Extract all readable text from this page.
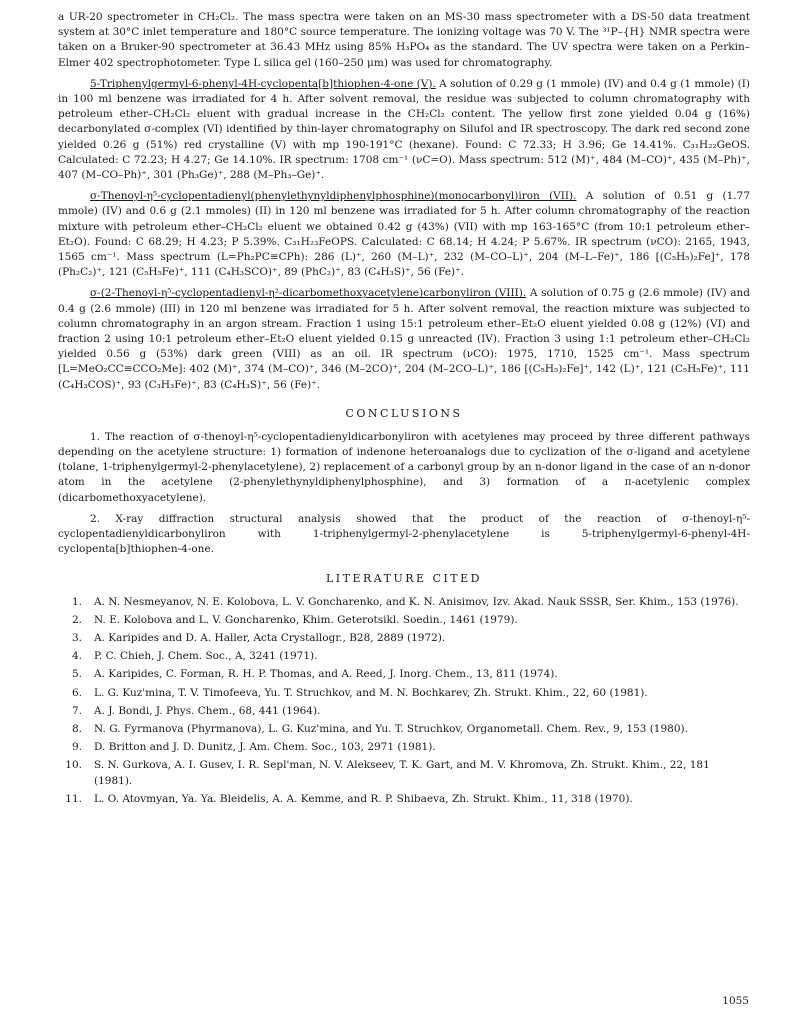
a UR-20 spectrometer in CH₂Cl₂. The mass spectra were taken on an MS-30 mass spectrometer with a DS-50 data treatment system at 30°C inlet temperature and 180°C source temperature. The ionizing voltage was 70 V. The ³¹P–{H} NMR spectra were taken on a Bruker-90 spectrometer at 36.43 MHz using 85% H₃PO₄ as the standard. The UV spectra were taken on a Perkin–Elmer 402 spectrophotometer. Type L silica gel (160–250 μm) was used for chromatography.

5-Triphenylgermyl-6-phenyl-4H-cyclopenta[b]thiophen-4-one (V). A solution of 0.29 g (1 mmole) (IV) and 0.4 g (1 mmole) (I) in 100 ml benzene was irradiated for 4 h. After solvent removal, the residue was subjected to column chromatography with petroleum ether–CH₂Cl₂ eluent with gradual increase in the CH₂Cl₂ content. The yellow first zone yielded 0.04 g (16%) decarbonylated σ-complex (VI) identified by thin-layer chromatography on Silufol and IR spectroscopy. The dark red second zone yielded 0.26 g (51%) red crystalline (V) with mp 190-191°C (hexane). Found: C 72.33; H 3.96; Ge 14.41%. C₃₁H₂₂GeOS. Calculated: C 72.23; H 4.27; Ge 14.10%. IR spectrum: 1708 cm⁻¹ (νC=O). Mass spectrum: 512 (M)⁺, 484 (M–CO)⁺, 435 (M–Ph)⁺, 407 (M–CO–Ph)⁺, 301 (Ph₃Ge)⁺, 288 (M–Ph₃–Ge)⁺.

σ-Thenoyl-η⁵-cyclopentadienyl(phenylethynyldiphenylphosphine)(monocarbonyl)iron (VII). A solution of 0.51 g (1.77 mmole) (IV) and 0.6 g (2.1 mmoles) (II) in 120 ml benzene was irradiated for 5 h. After column chromatography of the reaction mixture with petroleum ether–CH₂Cl₂ eluent we obtained 0.42 g (43%) (VII) with mp 163-165°C (from 10:1 petroleum ether–Et₂O). Found: C 68.29; H 4.23; P 5.39%. C₃₁H₂₃FeOPS. Calculated: C 68.14; H 4.24; P 5.67%. IR spectrum (νCO): 2165, 1943, 1565 cm⁻¹. Mass spectrum (L=Ph₂PC≡CPh): 286 (L)⁺, 260 (M–L)⁺, 232 (M–CO–L)⁺, 204 (M–L–Fe)⁺, 186 [(C₅H₅)₂Fe]⁺, 178 (Ph₂C₂)⁺, 121 (C₅H₅Fe)⁺, 111 (C₄H₃SCO)⁺, 89 (PhC₂)⁺, 83 (C₄H₃S)⁺, 56 (Fe)⁺.

σ-(2-Thenoyl-η⁵-cyclopentadienyl-η²-dicarbomethoxyacetylene)carbonyliron (VIII). A solution of 0.75 g (2.6 mmole) (IV) and 0.4 g (2.6 mmole) (III) in 120 ml benzene was irradiated for 5 h. After solvent removal, the reaction mixture was subjected to column chromatography in an argon stream. Fraction 1 using 15:1 petroleum ether–Et₂O eluent yielded 0.08 g (12%) (VI) and fraction 2 using 10:1 petroleum ether–Et₂O eluent yielded 0.15 g unreacted (IV). Fraction 3 using 1:1 petroleum ether–CH₂Cl₂ yielded 0.56 g (53%) dark green (VIII) as an oil. IR spectrum (νCO): 1975, 1710, 1525 cm⁻¹. Mass spectrum [L=MeO₂CC≡CCO₂Me]: 402 (M)⁺, 374 (M–CO)⁺, 346 (M–2CO)⁺, 204 (M–2CO–L)⁺, 186 [(C₅H₅)₂Fe]⁺, 142 (L)⁺, 121 (C₅H₅Fe)⁺, 111 (C₄H₃COS)⁺, 93 (C₃H₃Fe)⁺, 83 (C₄H₃S)⁺, 56 (Fe)⁺.

CONCLUSIONS

1. The reaction of σ-thenoyl-η⁵-cyclopentadienyldicarbonyliron with acetylenes may proceed by three different pathways depending on the acetylene structure: 1) formation of indenone heteroanalogs due to cyclization of the σ-ligand and acetylene (tolane, 1-triphenylgermyl-2-phenylacetylene), 2) replacement of a carbonyl group by an n-donor ligand in the case of an n-donor atom in the acetylene (2-phenylethynyldiphenylphosphine), and 3) formation of a π-acetylenic complex (dicarbomethoxyacetylene).

2. X-ray diffraction structural analysis showed that the product of the reaction of σ-thenoyl-η⁵-cyclopentadienyldicarbonyliron with 1-triphenylgermyl-2-phenylacetylene is 5-triphenylgermyl-6-phenyl-4H-cyclopenta[b]thiophen-4-one.

LITERATURE CITED
1.	A. N. Nesmeyanov, N. E. Kolobova, L. V. Goncharenko, and K. N. Anisimov, Izv. Akad. Nauk SSSR, Ser. Khim., 153 (1976).
2.	N. E. Kolobova and L. V. Goncharenko, Khim. Geterotsikl. Soedin., 1461 (1979).
3.	A. Karipides and D. A. Haller, Acta Crystallogr., B28, 2889 (1972).
4.	P. C. Chieh, J. Chem. Soc., A, 3241 (1971).
5.	A. Karipides, C. Forman, R. H. P. Thomas, and A. Reed, J. Inorg. Chem., 13, 811 (1974).
6.	L. G. Kuz'mina, T. V. Timofeeva, Yu. T. Struchkov, and M. N. Bochkarev, Zh. Strukt. Khim., 22, 60 (1981).
7.	A. J. Bondi, J. Phys. Chem., 68, 441 (1964).
8.	N. G. Fyrmanova (Phyrmanova), L. G. Kuz'mina, and Yu. T. Struchkov, Organometall. Chem. Rev., 9, 153 (1980).
9.	D. Britton and J. D. Dunitz, J. Am. Chem. Soc., 103, 2971 (1981).
10.	S. N. Gurkova, A. I. Gusev, I. R. Sepl'man, N. V. Alekseev, T. K. Gart, and M. V. Khromova, Zh. Strukt. Khim., 22, 181 (1981).
11.	L. O. Atovmyan, Ya. Ya. Bleidelis, A. A. Kemme, and R. P. Shibaeva, Zh. Strukt. Khim., 11, 318 (1970).
1055
